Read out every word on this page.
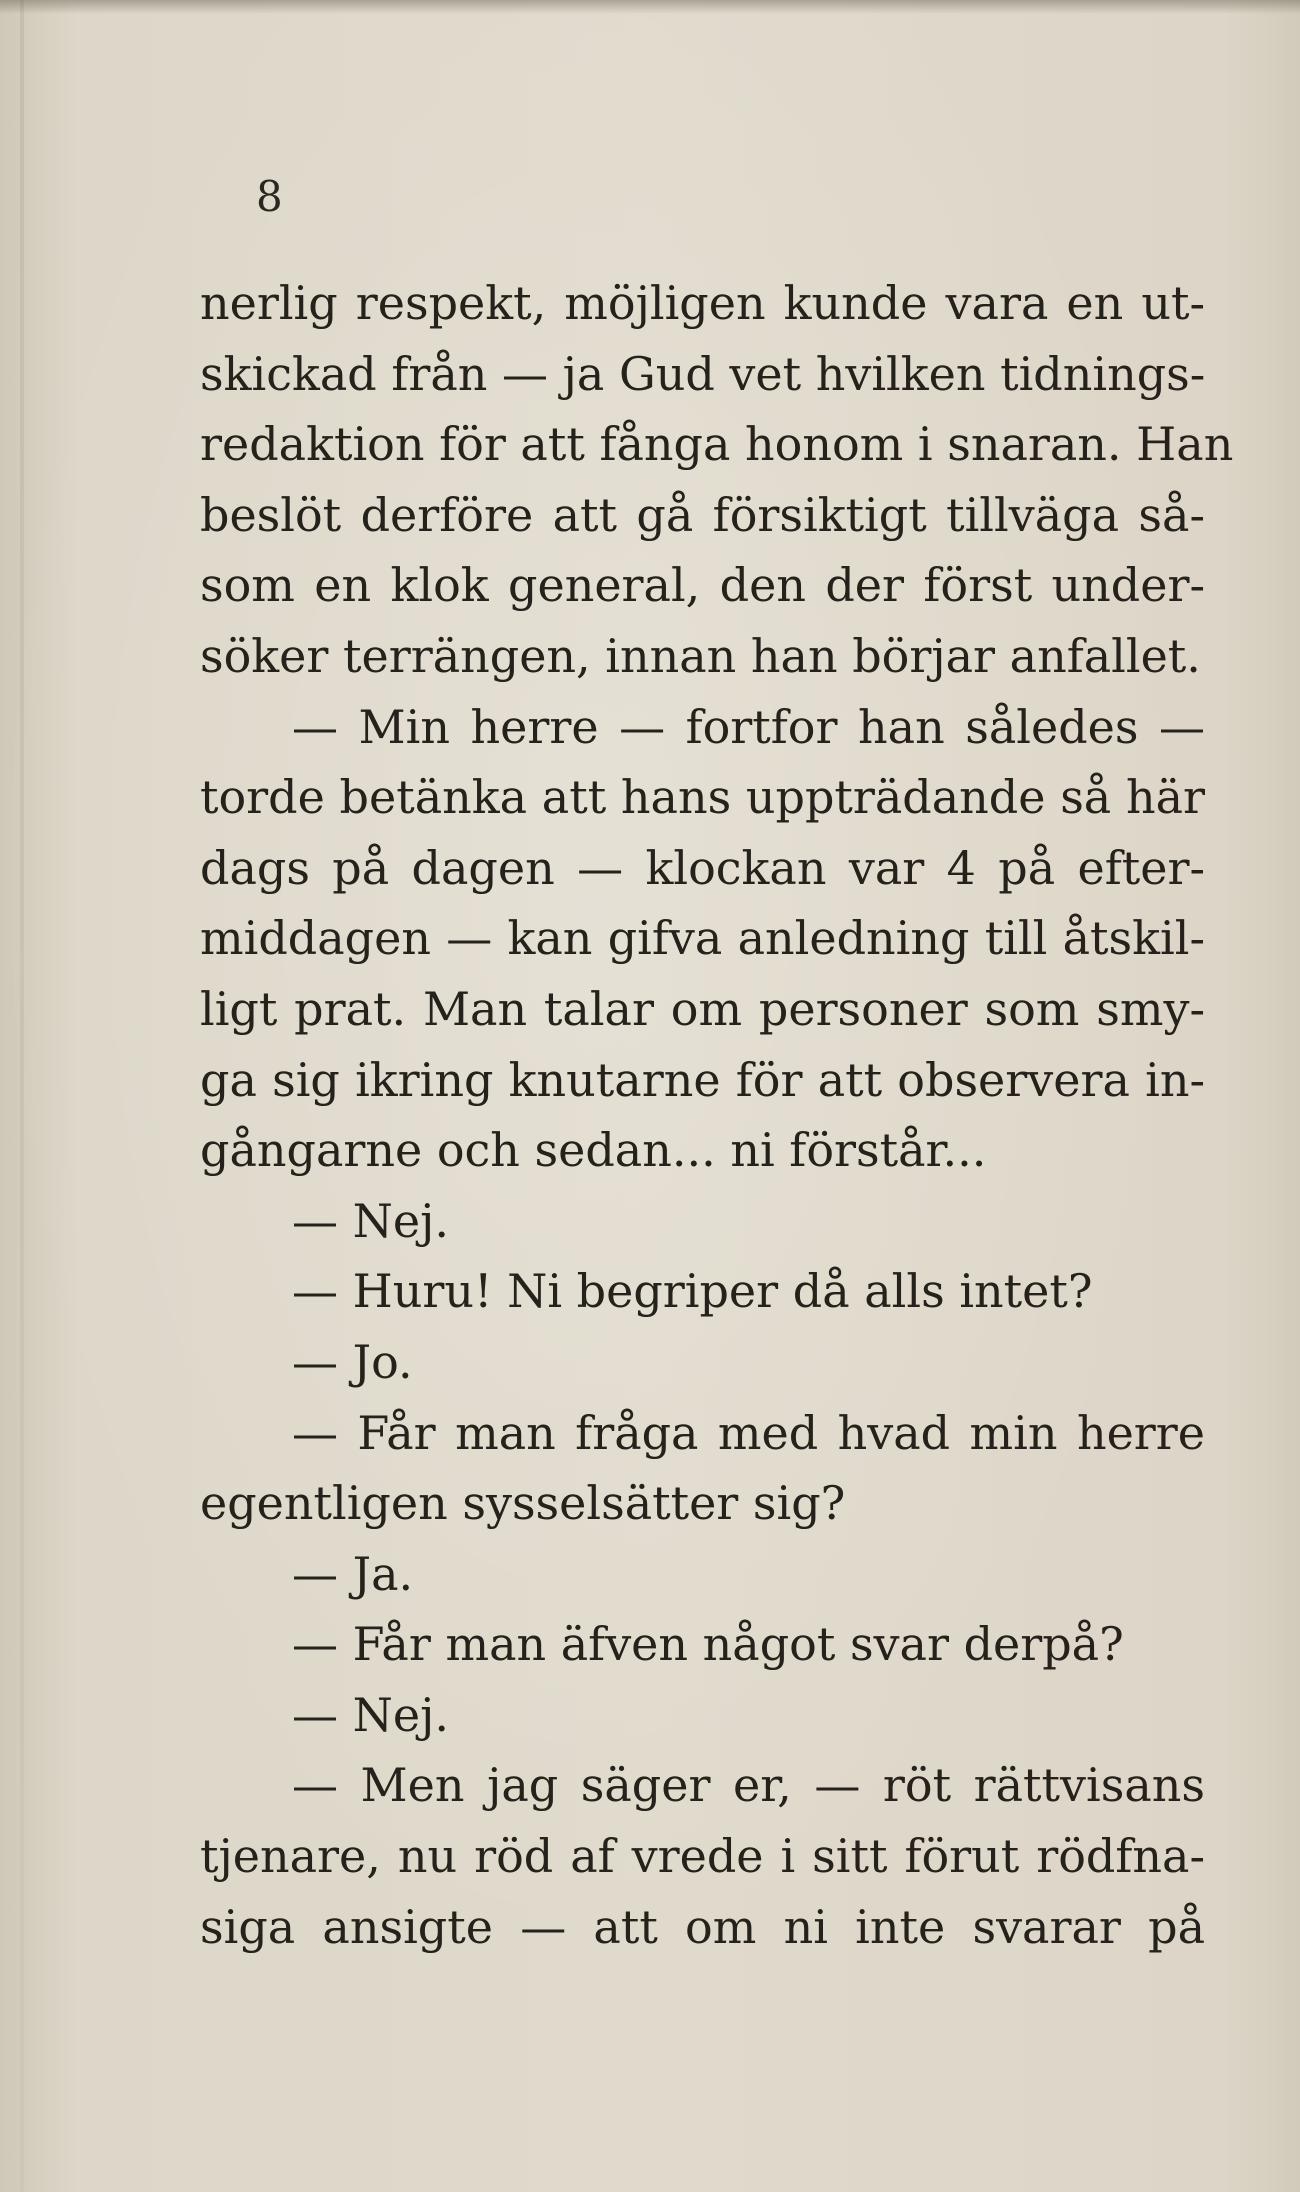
8
nerlig respekt, möjligen kunde vara en ut-
skickad från — ja Gud vet hvilken tidnings-
redaktion för att fånga honom i snaran. Han
beslöt derföre att gå försiktigt tillväga så-
som en klok general, den der först under-
söker terrängen, innan han börjar anfallet.
— Min herre — fortfor han således —
torde betänka att hans uppträdande så här
dags på dagen — klockan var 4 på efter-
middagen — kan gifva anledning till åtskil-
ligt prat. Man talar om personer som smy-
ga sig ikring knutarne för att observera in-
gångarne och sedan... ni förstår...
— Nej.
— Huru! Ni begriper då alls intet?
— Jo.
— Får man fråga med hvad min herre
egentligen sysselsätter sig?
— Ja.
— Får man äfven något svar derpå?
— Nej.
— Men jag säger er, — röt rättvisans
tjenare, nu röd af vrede i sitt förut rödfna-
siga ansigte — att om ni inte svarar på
